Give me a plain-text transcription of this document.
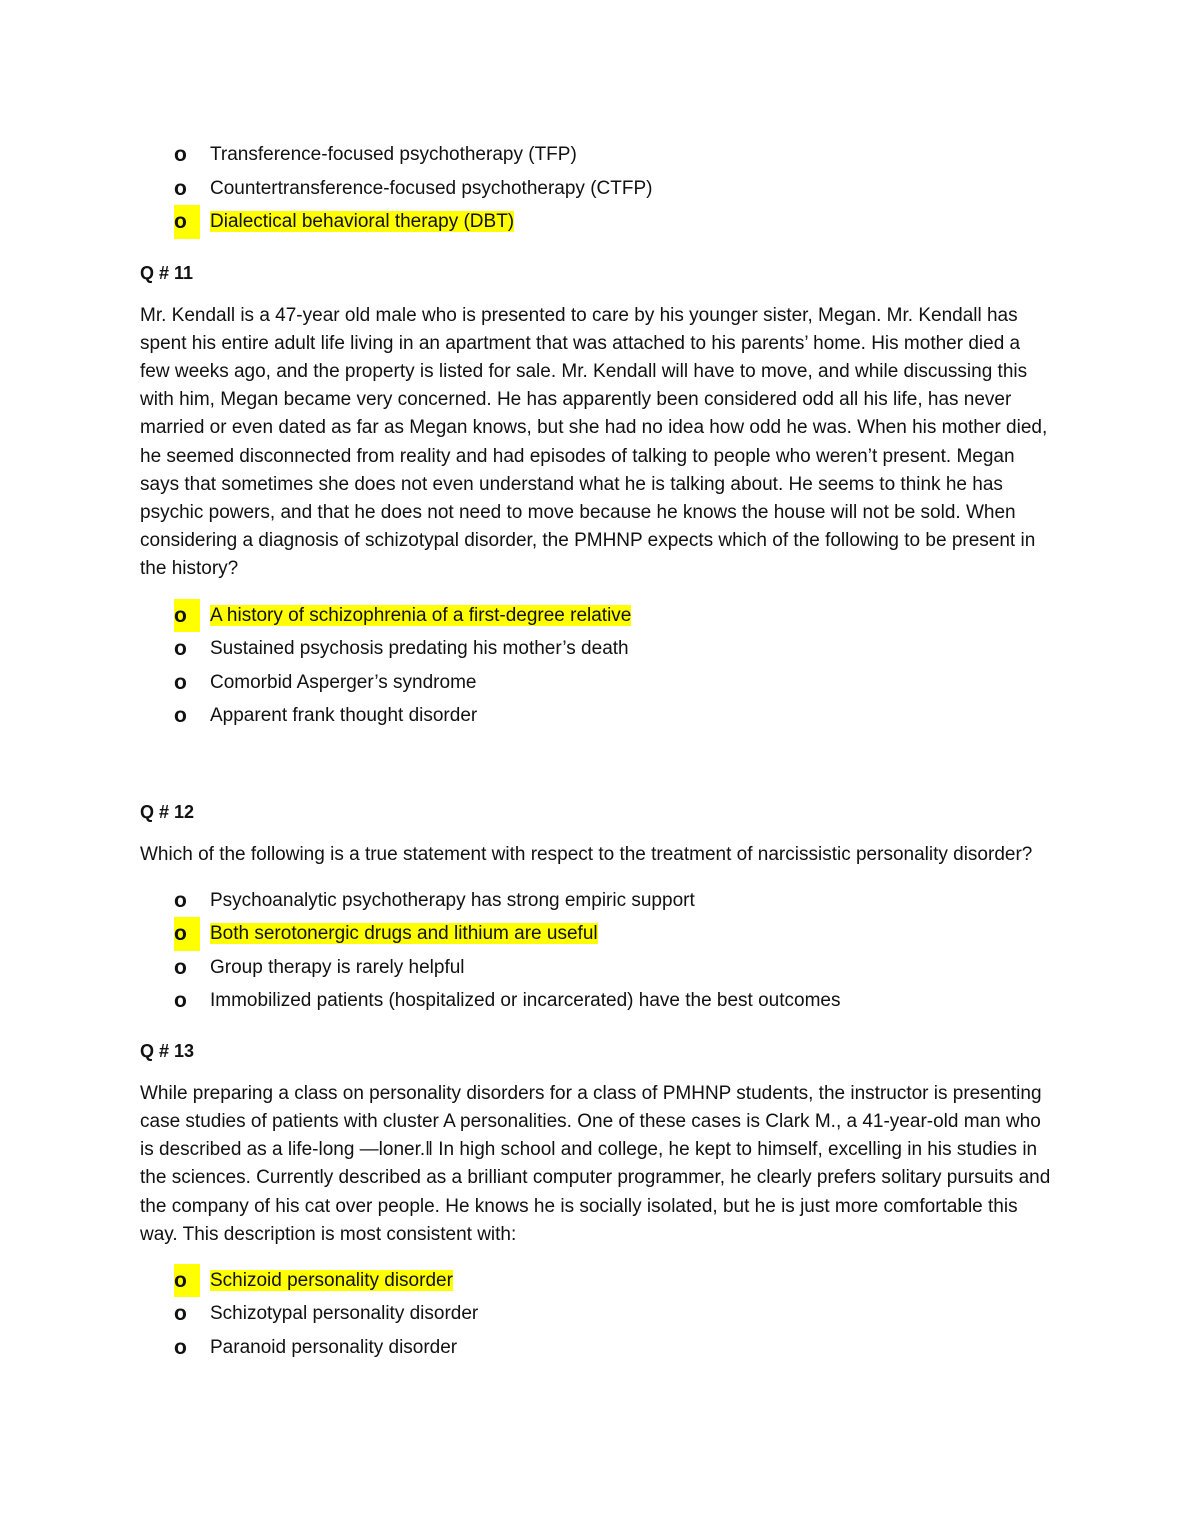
o	Transference-focused psychotherapy (TFP)
o	Countertransference-focused psychotherapy (CTFP)
o	Dialectical behavioral therapy (DBT)
Q # 11

Mr. Kendall is a 47-year old male who is presented to care by his younger sister, Megan. Mr. Kendall has spent his entire adult life living in an apartment that was attached to his parents’ home. His mother died a few weeks ago, and the property is listed for sale. Mr. Kendall will have to move, and while discussing this with him, Megan became very concerned. He has apparently been considered odd all his life, has never married or even dated as far as Megan knows, but she had no idea how odd he was. When his mother died, he seemed disconnected from reality and had episodes of talking to people who weren’t present. Megan says that sometimes she does not even understand what he is talking about. He seems to think he has psychic powers, and that he does not need to move because he knows the house will not be sold. When considering a diagnosis of schizotypal disorder, the PMHNP expects which of the following to be present in the history?

o	A history of schizophrenia of a first-degree relative
o	Sustained psychosis predating his mother’s death
o	Comorbid Asperger’s syndrome
o	Apparent frank thought disorder
Q # 12

Which of the following is a true statement with respect to the treatment of narcissistic personality disorder?

o	Psychoanalytic psychotherapy has strong empiric support
o	Both serotonergic drugs and lithium are useful
o	Group therapy is rarely helpful
o	Immobilized patients (hospitalized or incarcerated) have the best outcomes
Q # 13

While preparing a class on personality disorders for a class of PMHNP students, the instructor is presenting case studies of patients with cluster A personalities. One of these cases is Clark M., a 41-year-old man who is described as a life-long ―loner.‖ In high school and college, he kept to himself, excelling in his studies in the sciences. Currently described as a brilliant computer programmer, he clearly prefers solitary pursuits and the company of his cat over people. He knows he is socially isolated, but he is just more comfortable this way. This description is most consistent with:

o	Schizoid personality disorder
o	Schizotypal personality disorder
o	Paranoid personality disorder
